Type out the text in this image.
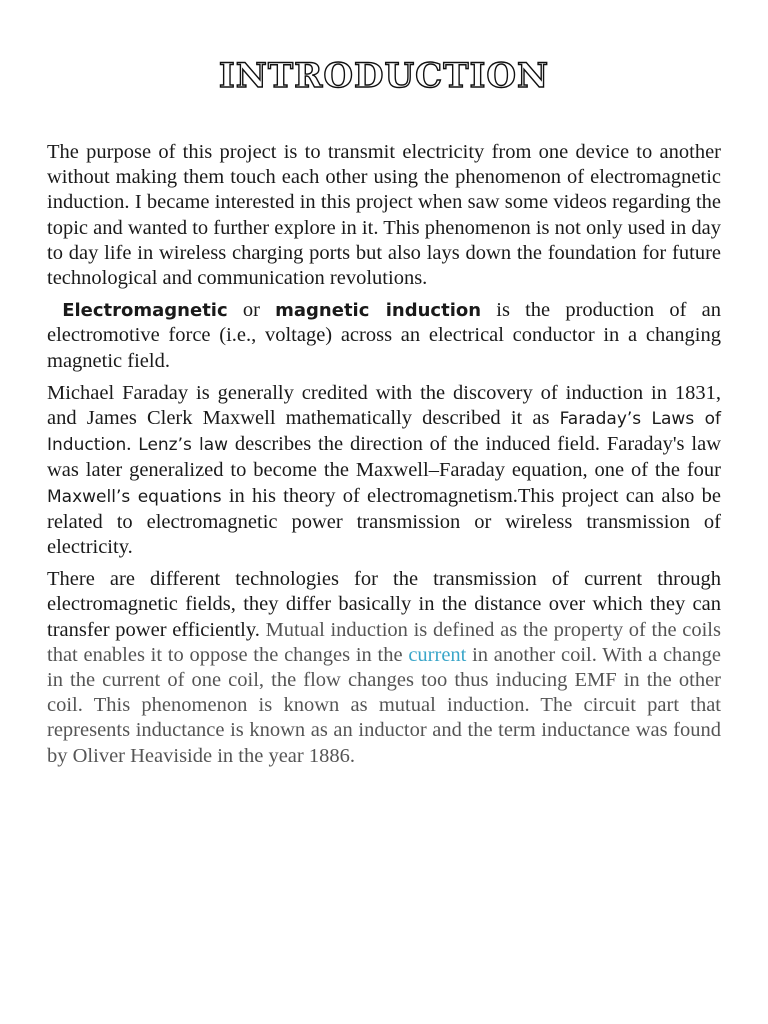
INTRODUCTION

The purpose of this project is to transmit electricity from one device to another without making them touch each other using the phenomenon of electromagnetic induction. I became interested in this project when saw some videos regarding the topic and wanted to further explore in it. This phenomenon is not only used in day to day life in wireless charging ports but also lays down the foundation for future technological and communication revolutions.

Electromagnetic or magnetic induction is the production of an electromotive force (i.e., voltage) across an electrical conductor in a changing magnetic field.

Michael Faraday is generally credited with the discovery of induction in 1831, and James Clerk Maxwell mathematically described it as Faraday’s Laws of Induction. Lenz’s law describes the direction of the induced field. Faraday's law was later generalized to become the Maxwell–Faraday equation, one of the four Maxwell’s equations in his theory of electromagnetism.This project can also be related to electromagnetic power transmission or wireless transmission of electricity.

There are different technologies for the transmission of current through electromagnetic fields, they differ basically in the distance over which they can transfer power efficiently. Mutual induction is defined as the property of the coils that enables it to oppose the changes in the current in another coil. With a change in the current of one coil, the flow changes too thus inducing EMF in the other coil. This phenomenon is known as mutual induction. The circuit part that represents inductance is known as an inductor and the term inductance was found by Oliver Heaviside in the year 1886.
